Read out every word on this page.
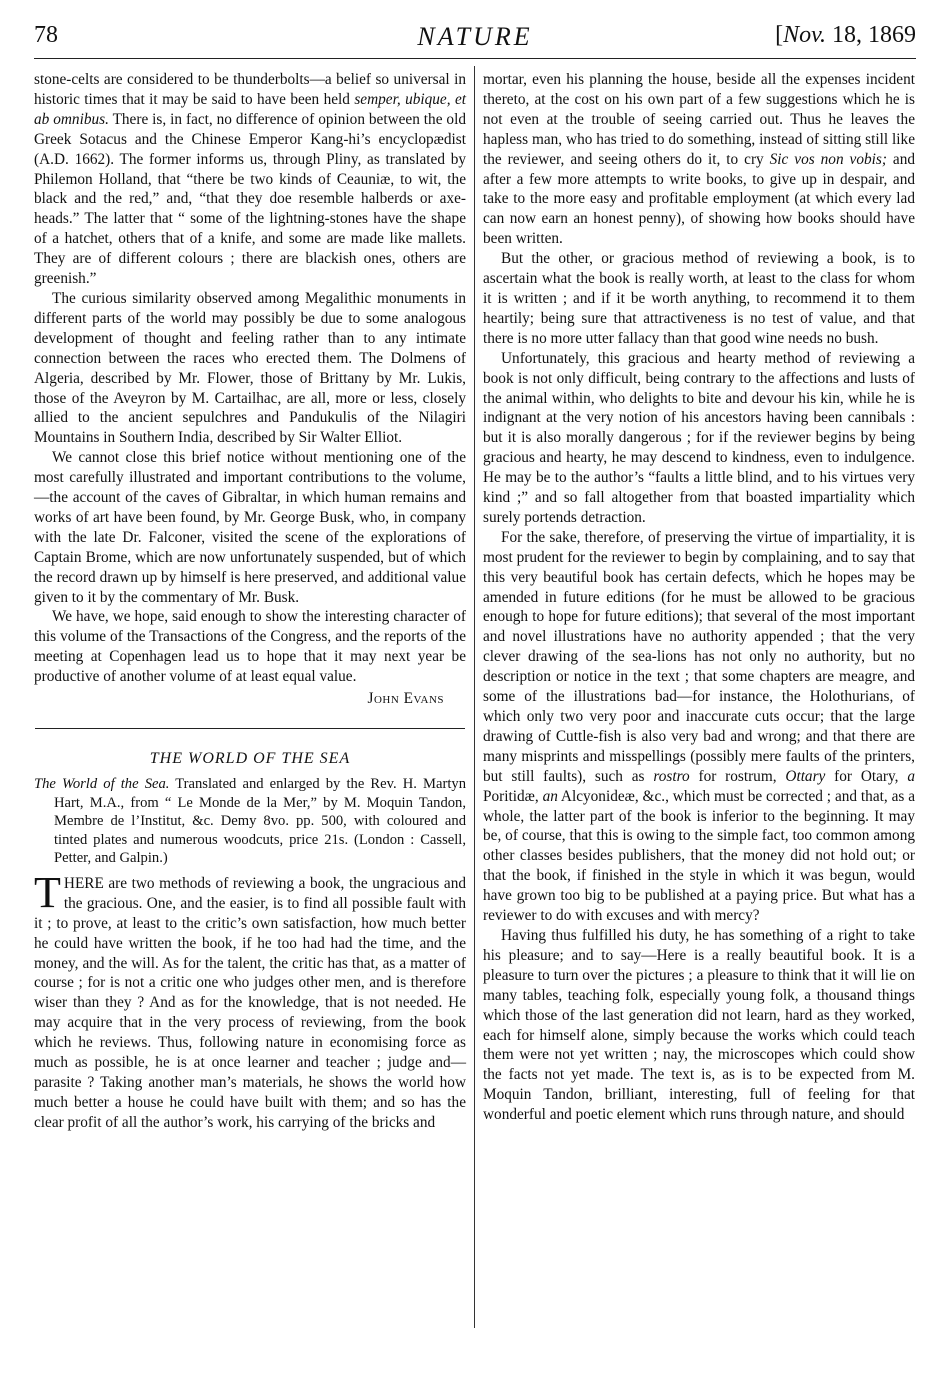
78	NATURE	[Nov. 18, 1869

stone-celts are considered to be thunderbolts—a belief so universal in historic times that it may be said to have been held semper, ubique, et ab omnibus. There is, in fact, no difference of opinion between the old Greek Sotacus and the Chinese Emperor Kang-hi’s encyclopædist (A.D. 1662). The former informs us, through Pliny, as translated by Philemon Holland, that “there be two kinds of Ceauniæ, to wit, the black and the red,” and, “that they doe resemble halberds or axe-heads.” The latter that “ some of the lightning-stones have the shape of a hatchet, others that of a knife, and some are made like mallets. They are of different colours ; there are blackish ones, others are greenish.”

The curious similarity observed among Megalithic monuments in different parts of the world may possibly be due to some analogous development of thought and feeling rather than to any intimate connection between the races who erected them. The Dolmens of Algeria, described by Mr. Flower, those of Brittany by Mr. Lukis, those of the Aveyron by M. Cartailhac, are all, more or less, closely allied to the ancient sepulchres and Pandukulis of the Nilagiri Mountains in Southern India, described by Sir Walter Elliot.

We cannot close this brief notice without mentioning one of the most carefully illustrated and important contributions to the volume,—the account of the caves of Gibraltar, in which human remains and works of art have been found, by Mr. George Busk, who, in company with the late Dr. Falconer, visited the scene of the explorations of Captain Brome, which are now unfortunately suspended, but of which the record drawn up by himself is here preserved, and additional value given to it by the commentary of Mr. Busk.

We have, we hope, said enough to show the interesting character of this volume of the Transactions of the Congress, and the reports of the meeting at Copenhagen lead us to hope that it may next year be productive of another volume of at least equal value.

John Evans
THE WORLD OF THE SEA
The World of the Sea. Translated and enlarged by the Rev. H. Martyn Hart, M.A., from “ Le Monde de la Mer,” by M. Moquin Tandon, Membre de l’Institut, &c. Demy 8vo. pp. 500, with coloured and tinted plates and numerous woodcuts, price 21s. (London : Cassell, Petter, and Galpin.)

THERE are two methods of reviewing a book, the ungracious and the gracious. One, and the easier, is to find all possible fault with it ; to prove, at least to the critic’s own satisfaction, how much better he could have written the book, if he too had had the time, and the money, and the will. As for the talent, the critic has that, as a matter of course ; for is not a critic one who judges other men, and is therefore wiser than they ? And as for the knowledge, that is not needed. He may acquire that in the very process of reviewing, from the book which he reviews. Thus, following nature in economising force as much as possible, he is at once learner and teacher ; judge and—parasite ? Taking another man’s materials, he shows the world how much better a house he could have built with them; and so has the clear profit of all the author’s work, his carrying of the bricks and

mortar, even his planning the house, beside all the expenses incident thereto, at the cost on his own part of a few suggestions which he is not even at the trouble of seeing carried out. Thus he leaves the hapless man, who has tried to do something, instead of sitting still like the reviewer, and seeing others do it, to cry Sic vos non vobis; and after a few more attempts to write books, to give up in despair, and take to the more easy and profitable employment (at which every lad can now earn an honest penny), of showing how books should have been written.

But the other, or gracious method of reviewing a book, is to ascertain what the book is really worth, at least to the class for whom it is written ; and if it be worth anything, to recommend it to them heartily; being sure that attractiveness is no test of value, and that there is no more utter fallacy than that good wine needs no bush.

Unfortunately, this gracious and hearty method of reviewing a book is not only difficult, being contrary to the affections and lusts of the animal within, who delights to bite and devour his kin, while he is indignant at the very notion of his ancestors having been cannibals : but it is also morally dangerous ; for if the reviewer begins by being gracious and hearty, he may descend to kindness, even to indulgence. He may be to the author’s “faults a little blind, and to his virtues very kind ;” and so fall altogether from that boasted impartiality which surely portends detraction.

For the sake, therefore, of preserving the virtue of impartiality, it is most prudent for the reviewer to begin by complaining, and to say that this very beautiful book has certain defects, which he hopes may be amended in future editions (for he must be allowed to be gracious enough to hope for future editions); that several of the most important and novel illustrations have no authority appended ; that the very clever drawing of the sea-lions has not only no authority, but no description or notice in the text ; that some chapters are meagre, and some of the illustrations bad—for instance, the Holothurians, of which only two very poor and inaccurate cuts occur; that the large drawing of Cuttle-fish is also very bad and wrong; and that there are many misprints and misspellings (possibly mere faults of the printers, but still faults), such as rostro for rostrum, Ottary for Otary, a Poritidæ, an Alcyonideæ, &c., which must be corrected ; and that, as a whole, the latter part of the book is inferior to the beginning. It may be, of course, that this is owing to the simple fact, too common among other classes besides publishers, that the money did not hold out; or that the book, if finished in the style in which it was begun, would have grown too big to be published at a paying price. But what has a reviewer to do with excuses and with mercy?

Having thus fulfilled his duty, he has something of a right to take his pleasure; and to say—Here is a really beautiful book. It is a pleasure to turn over the pictures ; a pleasure to think that it will lie on many tables, teaching folk, especially young folk, a thousand things which those of the last generation did not learn, hard as they worked, each for himself alone, simply because the works which could teach them were not yet written ; nay, the microscopes which could show the facts not yet made. The text is, as is to be expected from M. Moquin Tandon, brilliant, interesting, full of feeling for that wonderful and poetic element which runs through nature, and should
